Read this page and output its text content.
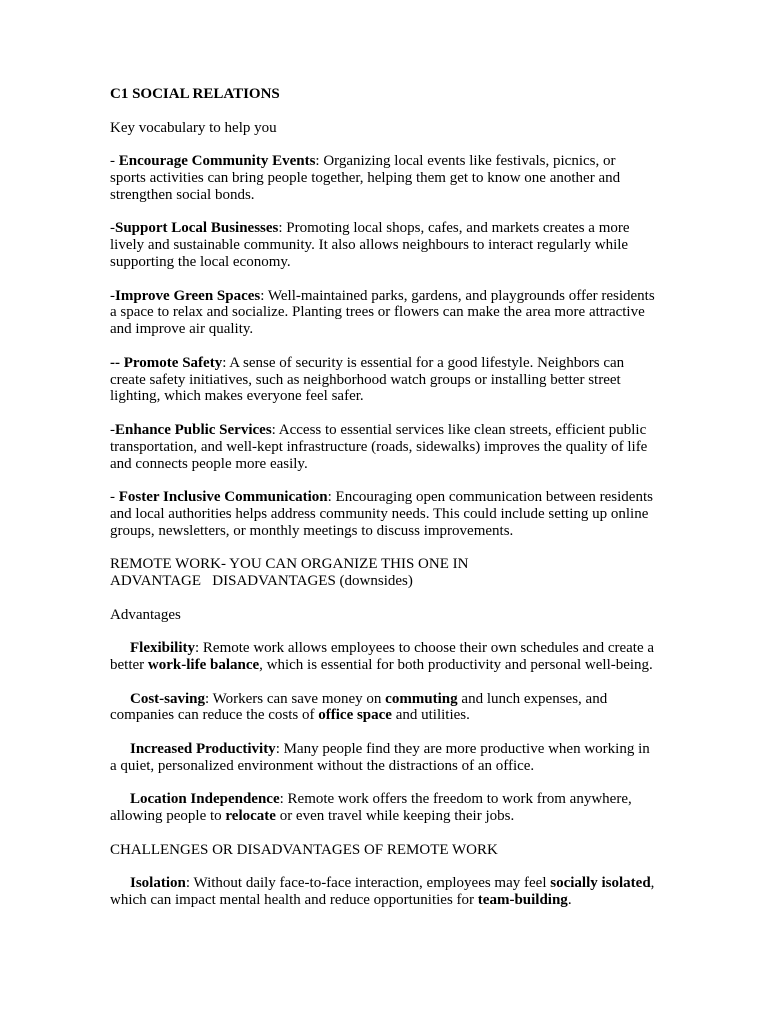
C1 SOCIAL RELATIONS

Key vocabulary to help you

- Encourage Community Events: Organizing local events like festivals, picnics, or sports activities can bring people together, helping them get to know one another and strengthen social bonds.

-Support Local Businesses: Promoting local shops, cafes, and markets creates a more lively and sustainable community. It also allows neighbours to interact regularly while supporting the local economy.

-Improve Green Spaces: Well-maintained parks, gardens, and playgrounds offer residents a space to relax and socialize. Planting trees or flowers can make the area more attractive and improve air quality.

-- Promote Safety: A sense of security is essential for a good lifestyle. Neighbors can create safety initiatives, such as neighborhood watch groups or installing better street lighting, which makes everyone feel safer.

-Enhance Public Services: Access to essential services like clean streets, efficient public transportation, and well-kept infrastructure (roads, sidewalks) improves the quality of life and connects people more easily.

- Foster Inclusive Communication: Encouraging open communication between residents and local authorities helps address community needs. This could include setting up online groups, newsletters, or monthly meetings to discuss improvements.

REMOTE WORK- YOU CAN ORGANIZE THIS ONE IN
ADVANTAGE   DISADVANTAGES (downsides)

Advantages

Flexibility: Remote work allows employees to choose their own schedules and create a better work-life balance, which is essential for both productivity and personal well-being.

Cost-saving: Workers can save money on commuting and lunch expenses, and companies can reduce the costs of office space and utilities.

Increased Productivity: Many people find they are more productive when working in a quiet, personalized environment without the distractions of an office.

Location Independence: Remote work offers the freedom to work from anywhere, allowing people to relocate or even travel while keeping their jobs.

CHALLENGES OR DISADVANTAGES OF REMOTE WORK

Isolation: Without daily face-to-face interaction, employees may feel socially isolated, which can impact mental health and reduce opportunities for team-building.
